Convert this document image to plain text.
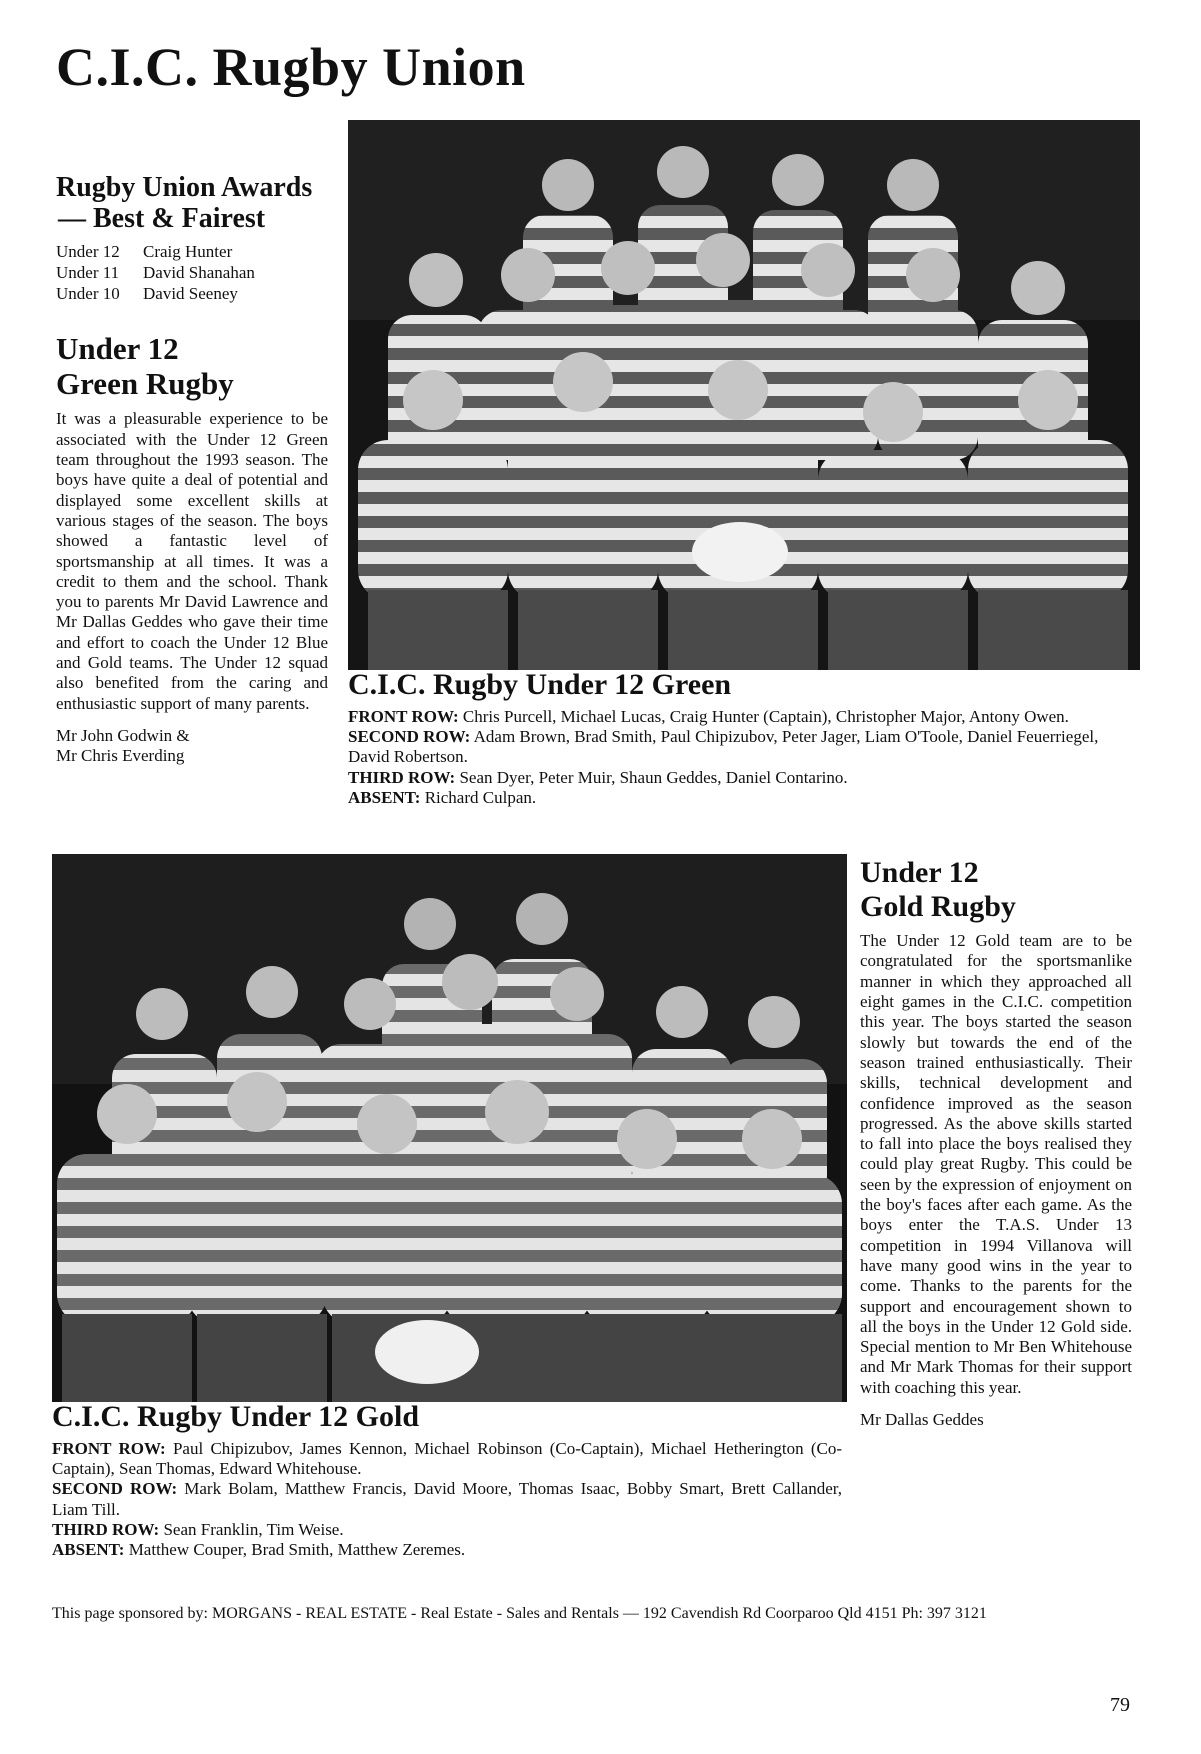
C.I.C. Rugby Union
Rugby Union Awards
— Best & Fairest
Under 12	Craig Hunter
Under 11	David Shanahan
Under 10	David Seeney
Under 12
Green Rugby

It was a pleasurable experience to be associated with the Under 12 Green team throughout the 1993 season. The boys have quite a deal of potential and displayed some excellent skills at various stages of the season. The boys showed a fantastic level of sportsmanship at all times. It was a credit to them and the school. Thank you to parents Mr David Lawrence and Mr Dallas Geddes who gave their time and effort to coach the Under 12 Blue and Gold teams. The Under 12 squad also benefited from the caring and enthusiastic support of many parents.

Mr John Godwin &
Mr Chris Everding
C.I.C. Rugby Under 12 Green

FRONT ROW: Chris Purcell, Michael Lucas, Craig Hunter (Captain), Christopher Major, Antony Owen.

SECOND ROW: Adam Brown, Brad Smith, Paul Chipizubov, Peter Jager, Liam O'Toole, Daniel Feuerriegel, David Robertson.

THIRD ROW: Sean Dyer, Peter Muir, Shaun Geddes, Daniel Contarino.

ABSENT: Richard Culpan.

C.I.C. Rugby Under 12 Gold

FRONT ROW: Paul Chipizubov, James Kennon, Michael Robinson (Co-Captain), Michael Hetherington (Co-Captain), Sean Thomas, Edward Whitehouse.

SECOND ROW: Mark Bolam, Matthew Francis, David Moore, Thomas Isaac, Bobby Smart, Brett Callander, Liam Till.

THIRD ROW: Sean Franklin, Tim Weise.

ABSENT: Matthew Couper, Brad Smith, Matthew Zeremes.

Under 12
Gold Rugby

The Under 12 Gold team are to be congratulated for the sportsmanlike manner in which they approached all eight games in the C.I.C. competition this year. The boys started the season slowly but towards the end of the season trained enthusiastically. Their skills, technical development and confidence improved as the season progressed. As the above skills started to fall into place the boys realised they could play great Rugby. This could be seen by the expression of enjoyment on the boy's faces after each game. As the boys enter the T.A.S. Under 13 competition in 1994 Villanova will have many good wins in the year to come. Thanks to the parents for the support and encouragement shown to all the boys in the Under 12 Gold side. Special mention to Mr Ben Whitehouse and Mr Mark Thomas for their support with coaching this year.

Mr Dallas Geddes

This page sponsored by: MORGANS - REAL ESTATE - Real Estate - Sales and Rentals — 192 Cavendish Rd Coorparoo Qld 4151 Ph: 397 3121
79
